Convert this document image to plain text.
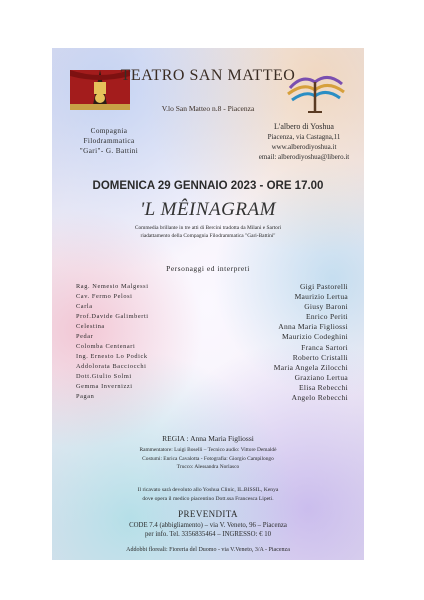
TEATRO SAN MATTEO

V.lo San Matteo n.8 - Piacenza

Compagnia
Filodrammatica
"Gari"- G. Battini
L'albero di Yoshua
Piacenza, via Castagna,11
www.alberodiyoshua.it
email: alberodiyoshua@libero.it

DOMENICA 29 GENNAIO 2023 - ORE 17.00

'L MÊINAGRAM

Commedia brillante in tre atti di Bercini tradotta da Milani e Sartori
riadattamento della Compagnia Filodrammatica "Gari-Battini"

Personaggi ed interpreti

Rag. Nemesio Malgessi
Cav. Fermo Pelosi
Carla
Prof.Davide Galimberti
Celestina
Pedar
Colomba Centenari
Ing. Ernesto Lo Podick
Addolorata Bacciocchi
Dott.Giulio Solmi
Gemma Invernizzi
Pagan
Gigi Pastorelli
Maurizio Lertua
Giusy Baroni
Enrico Periti
Anna Maria Figliossi
Maurizio Codeghini
Franca Sartori
Roberto Cristalli
Maria Angela Zilocchi
Graziano Lertua
Elisa Rebecchi
Angelo Rebecchi

REGIA : Anna Maria Figliossi

Rammentatore: Luigi Boselli – Tecnico audio: Vittore Demaldè
Costumi: Enrica Cavalotta - Fotografia: Giorgio Campilongo
Trucco: Alessandra Norlasco
Il ricavato sarà devoluto allo Yoshua Clinic, IL.BISSIL, Kenya
dove opera il medico piacentino Dott.ssa Francesca Lipeti.

PREVENDITA

CODE 7.4 (abbigliamento) – via V. Veneto, 96 – Piacenza
per info. Tel. 3356835464 – INGRESSO: € 10

Addobbi floreali: Fioreria del Duomo - via V.Veneto, 3/A - Piacenza
